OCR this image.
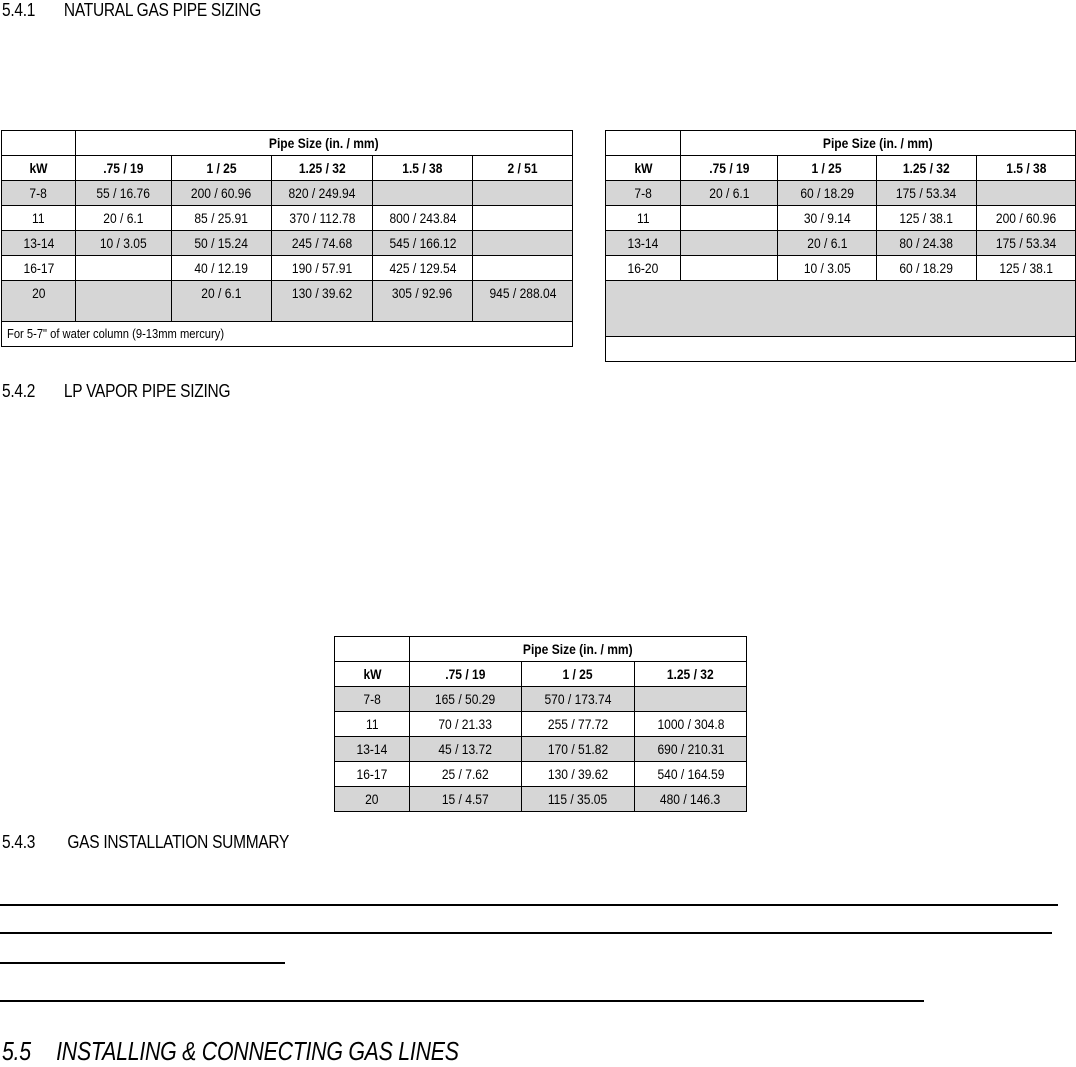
5.4.1 NATURAL GAS PIPE SIZING
5.4.2 LP VAPOR PIPE SIZING
5.4.3 GAS INSTALLATION SUMMARY
5.5 INSTALLING & CONNECTING GAS LINES
	Pipe Size (in. / mm)				
kW	.75 / 19	1 / 25	1.25 / 32	1.5 / 38	2 / 51
7-8	55 / 16.76	200 / 60.96	820 / 249.94		
11	20 / 6.1	85 / 25.91	370 / 112.78	800 / 243.84	
13-14	10 / 3.05	50 / 15.24	245 / 74.68	545 / 166.12	
16-17		40 / 12.19	190 / 57.91	425 / 129.54	
20		20 / 6.1	130 / 39.62	305 / 92.96	945 / 288.04
For 5-7" of water column (9-13mm mercury)					
	Pipe Size (in. / mm)			
kW	.75 / 19	1 / 25	1.25 / 32	1.5 / 38
7-8	20 / 6.1	60 / 18.29	175 / 53.34	
11		30 / 9.14	125 / 38.1	200 / 60.96
13-14		20 / 6.1	80 / 24.38	175 / 53.34
16-20		10 / 3.05	60 / 18.29	125 / 38.1

	Pipe Size (in. / mm)		
kW	.75 / 19	1 / 25	1.25 / 32
7-8	165 / 50.29	570 / 173.74	
11	70 / 21.33	255 / 77.72	1000 / 304.8
13-14	45 / 13.72	170 / 51.82	690 / 210.31
16-17	25 / 7.62	130 / 39.62	540 / 164.59
20	15 / 4.57	115 / 35.05	480 / 146.3
